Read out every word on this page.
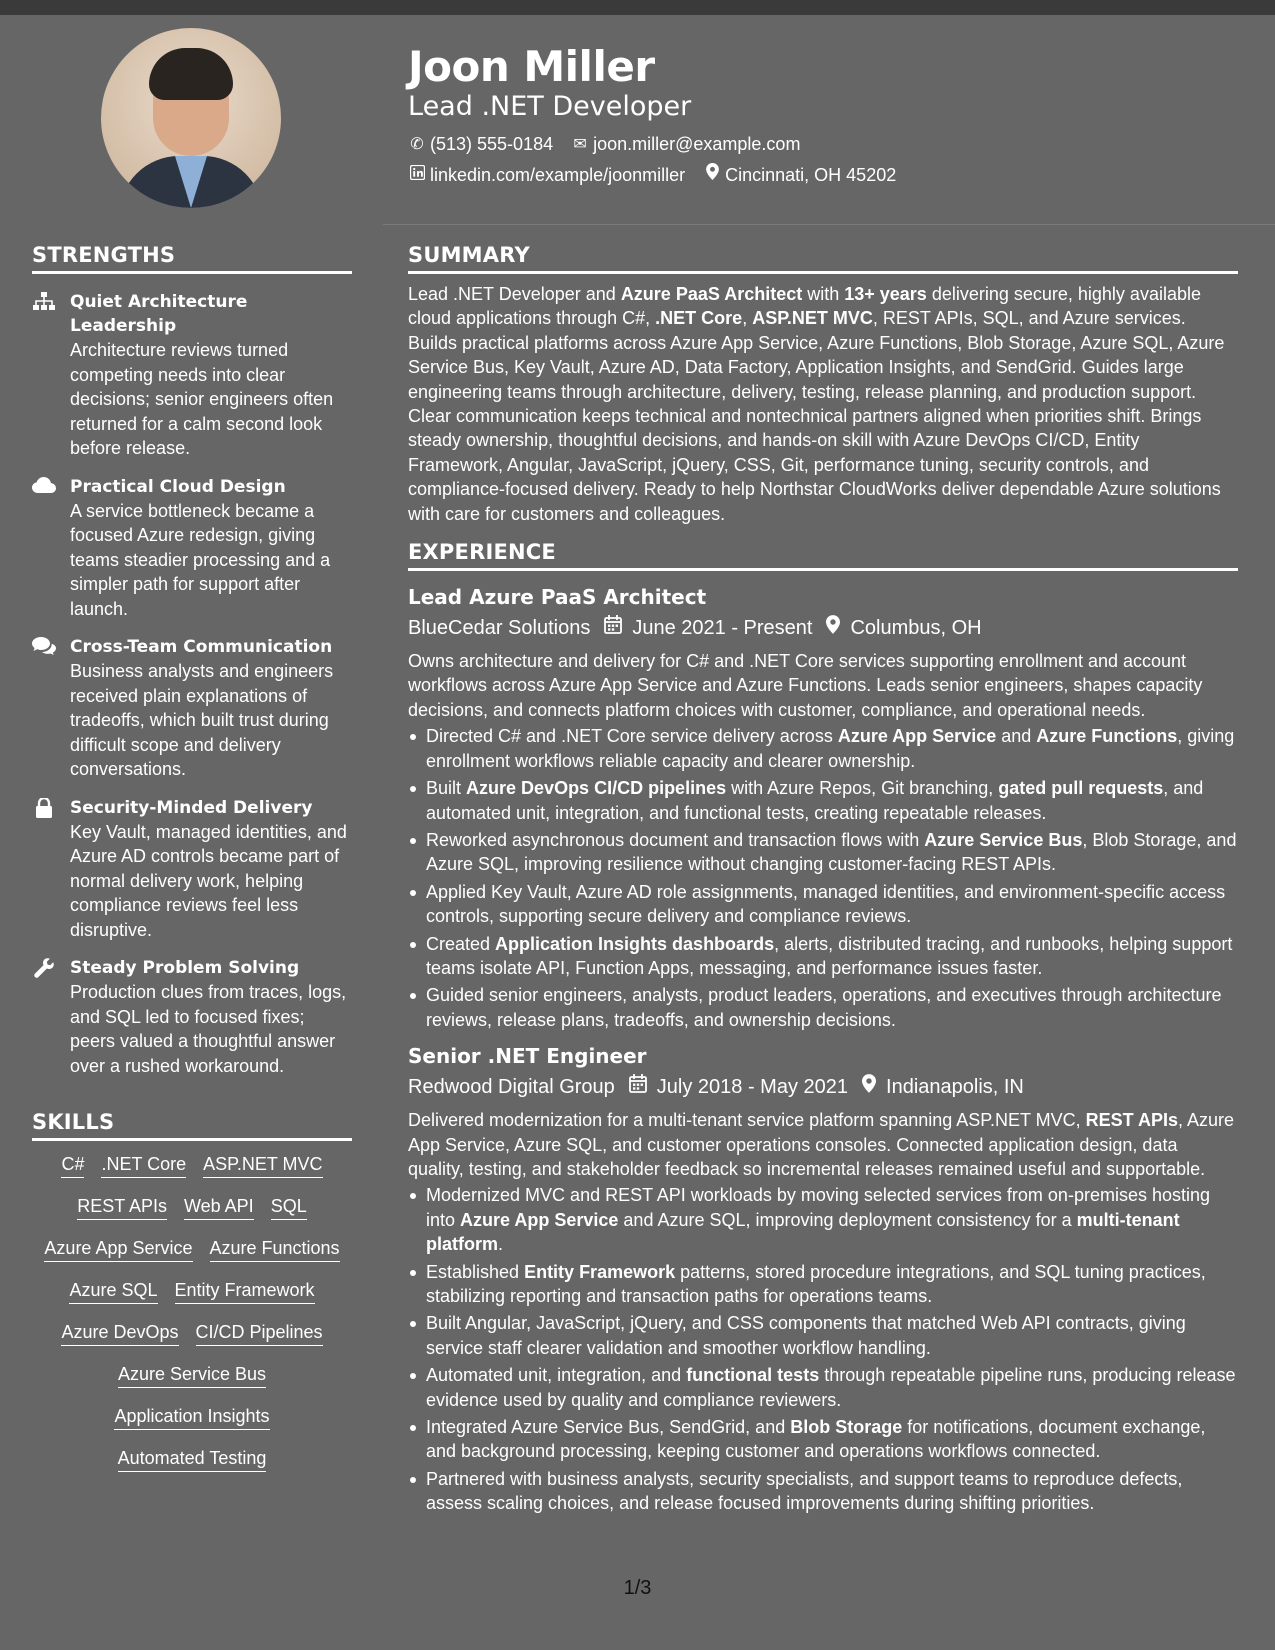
STRENGTHS
Quiet Architecture Leadership
Architecture reviews turned competing needs into clear decisions; senior engineers often returned for a calm second look before release.
Practical Cloud Design
A service bottleneck became a focused Azure redesign, giving teams steadier processing and a simpler path for support after launch.
Cross-Team Communication
Business analysts and engineers received plain explanations of tradeoffs, which built trust during difficult scope and delivery conversations.
Security-Minded Delivery
Key Vault, managed identities, and Azure AD controls became part of normal delivery work, helping compliance reviews feel less disruptive.
Steady Problem Solving
Production clues from traces, logs, and SQL led to focused fixes; peers valued a thoughtful answer over a rushed workaround.
SKILLS
C# .NET Core ASP.NET MVC
REST APIs Web API SQL
Azure App Service Azure Functions
Azure SQL Entity Framework
Azure DevOps CI/CD Pipelines
Azure Service Bus
Application Insights
Automated Testing
Joon Miller
Lead .NET Developer
✆ (513) 555-0184 ✉ joon.miller@example.com
linkedin.com/example/joonmiller Cincinnati, OH 45202
SUMMARY
Lead .NET Developer and Azure PaaS Architect with 13+ years delivering secure, highly available cloud applications through C#, .NET Core, ASP.NET MVC, REST APIs, SQL, and Azure services. Builds practical platforms across Azure App Service, Azure Functions, Blob Storage, Azure SQL, Azure Service Bus, Key Vault, Azure AD, Data Factory, Application Insights, and SendGrid. Guides large engineering teams through architecture, delivery, testing, release planning, and production support. Clear communication keeps technical and nontechnical partners aligned when priorities shift. Brings steady ownership, thoughtful decisions, and hands-on skill with Azure DevOps CI/CD, Entity Framework, Angular, JavaScript, jQuery, CSS, Git, performance tuning, security controls, and compliance-focused delivery. Ready to help Northstar CloudWorks deliver dependable Azure solutions with care for customers and colleagues.
EXPERIENCE
Lead Azure PaaS Architect
BlueCedar Solutions June 2021 - Present Columbus, OH
Owns architecture and delivery for C# and .NET Core services supporting enrollment and account workflows across Azure App Service and Azure Functions. Leads senior engineers, shapes capacity decisions, and connects platform choices with customer, compliance, and operational needs.
Directed C# and .NET Core service delivery across Azure App Service and Azure Functions, giving enrollment workflows reliable capacity and clearer ownership.
Built Azure DevOps CI/CD pipelines with Azure Repos, Git branching, gated pull requests, and automated unit, integration, and functional tests, creating repeatable releases.
Reworked asynchronous document and transaction flows with Azure Service Bus, Blob Storage, and Azure SQL, improving resilience without changing customer-facing REST APIs.
Applied Key Vault, Azure AD role assignments, managed identities, and environment-specific access controls, supporting secure delivery and compliance reviews.
Created Application Insights dashboards, alerts, distributed tracing, and runbooks, helping support teams isolate API, Function Apps, messaging, and performance issues faster.
Guided senior engineers, analysts, product leaders, operations, and executives through architecture reviews, release plans, tradeoffs, and ownership decisions.
Senior .NET Engineer
Redwood Digital Group July 2018 - May 2021 Indianapolis, IN
Delivered modernization for a multi-tenant service platform spanning ASP.NET MVC, REST APIs, Azure App Service, Azure SQL, and customer operations consoles. Connected application design, data quality, testing, and stakeholder feedback so incremental releases remained useful and supportable.
Modernized MVC and REST API workloads by moving selected services from on-premises hosting into Azure App Service and Azure SQL, improving deployment consistency for a multi-tenant platform.
Established Entity Framework patterns, stored procedure integrations, and SQL tuning practices, stabilizing reporting and transaction paths for operations teams.
Built Angular, JavaScript, jQuery, and CSS components that matched Web API contracts, giving service staff clearer validation and smoother workflow handling.
Automated unit, integration, and functional tests through repeatable pipeline runs, producing release evidence used by quality and compliance reviewers.
Integrated Azure Service Bus, SendGrid, and Blob Storage for notifications, document exchange, and background processing, keeping customer and operations workflows connected.
Partnered with business analysts, security specialists, and support teams to reproduce defects, assess scaling choices, and release focused improvements during shifting priorities.
1/3
